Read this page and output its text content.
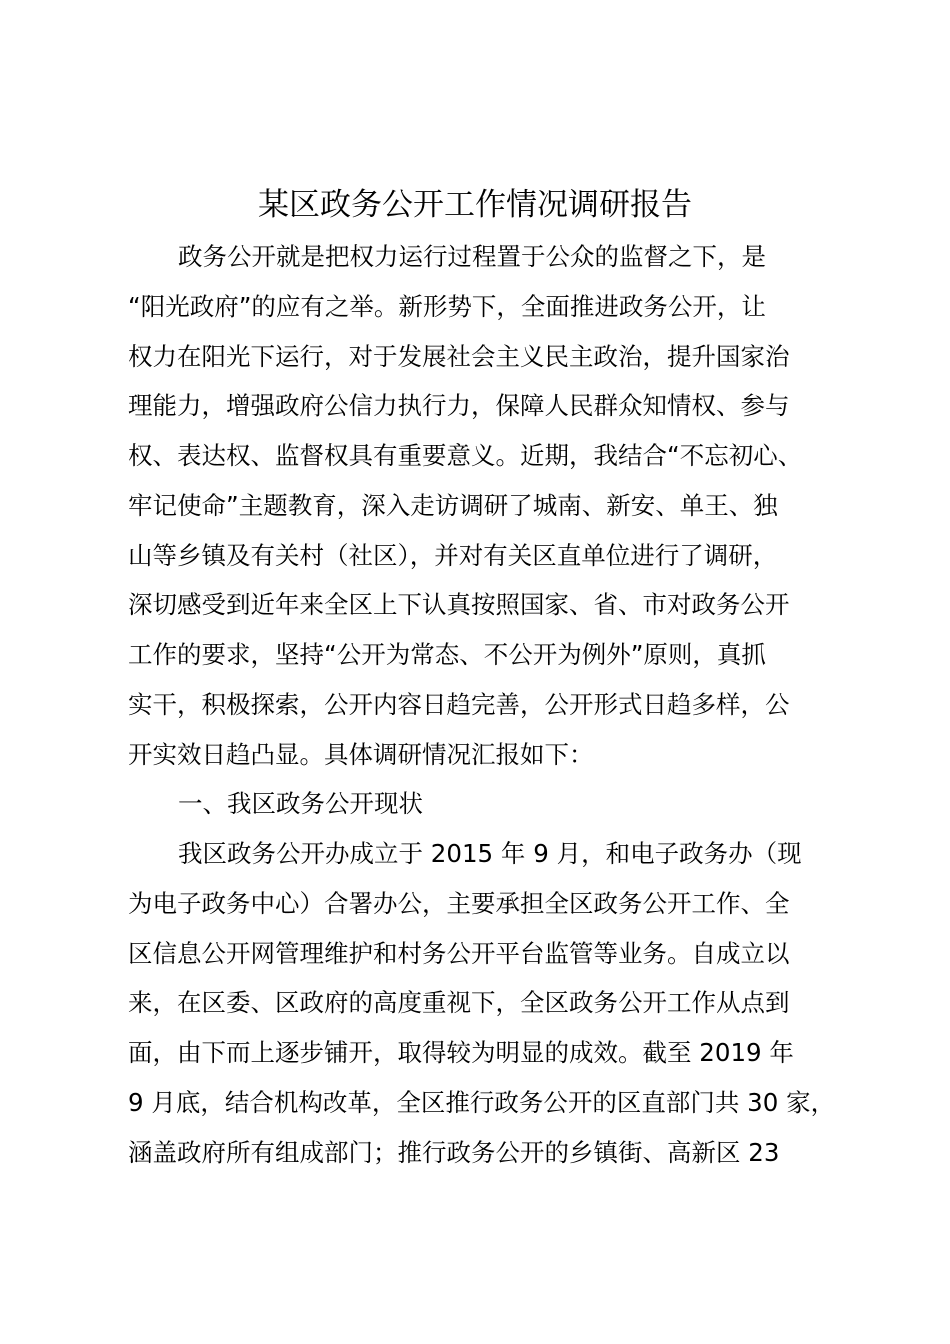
某区政务公开工作情况调研报告
政务公开就是把权力运行过程置于公众的监督之下，是
“阳光政府”的应有之举。新形势下，全面推进政务公开，让
权力在阳光下运行，对于发展社会主义民主政治，提升国家治
理能力，增强政府公信力执行力，保障人民群众知情权、参与
权、表达权、监督权具有重要意义。近期，我结合“不忘初心、
牢记使命”主题教育，深入走访调研了城南、新安、单王、独
山等乡镇及有关村（社区），并对有关区直单位进行了调研，
深切感受到近年来全区上下认真按照国家、省、市对政务公开
工作的要求，坚持“公开为常态、不公开为例外”原则，真抓
实干，积极探索，公开内容日趋完善，公开形式日趋多样，公
开实效日趋凸显。具体调研情况汇报如下：
一、我区政务公开现状
我区政务公开办成立于 2015 年 9 月，和电子政务办（现
为电子政务中心）合署办公，主要承担全区政务公开工作、全
区信息公开网管理维护和村务公开平台监管等业务。自成立以
来，在区委、区政府的高度重视下，全区政务公开工作从点到
面，由下而上逐步铺开，取得较为明显的成效。截至 2019 年
9 月底，结合机构改革，全区推行政务公开的区直部门共 30 家，
涵盖政府所有组成部门；推行政务公开的乡镇街、高新区 23
